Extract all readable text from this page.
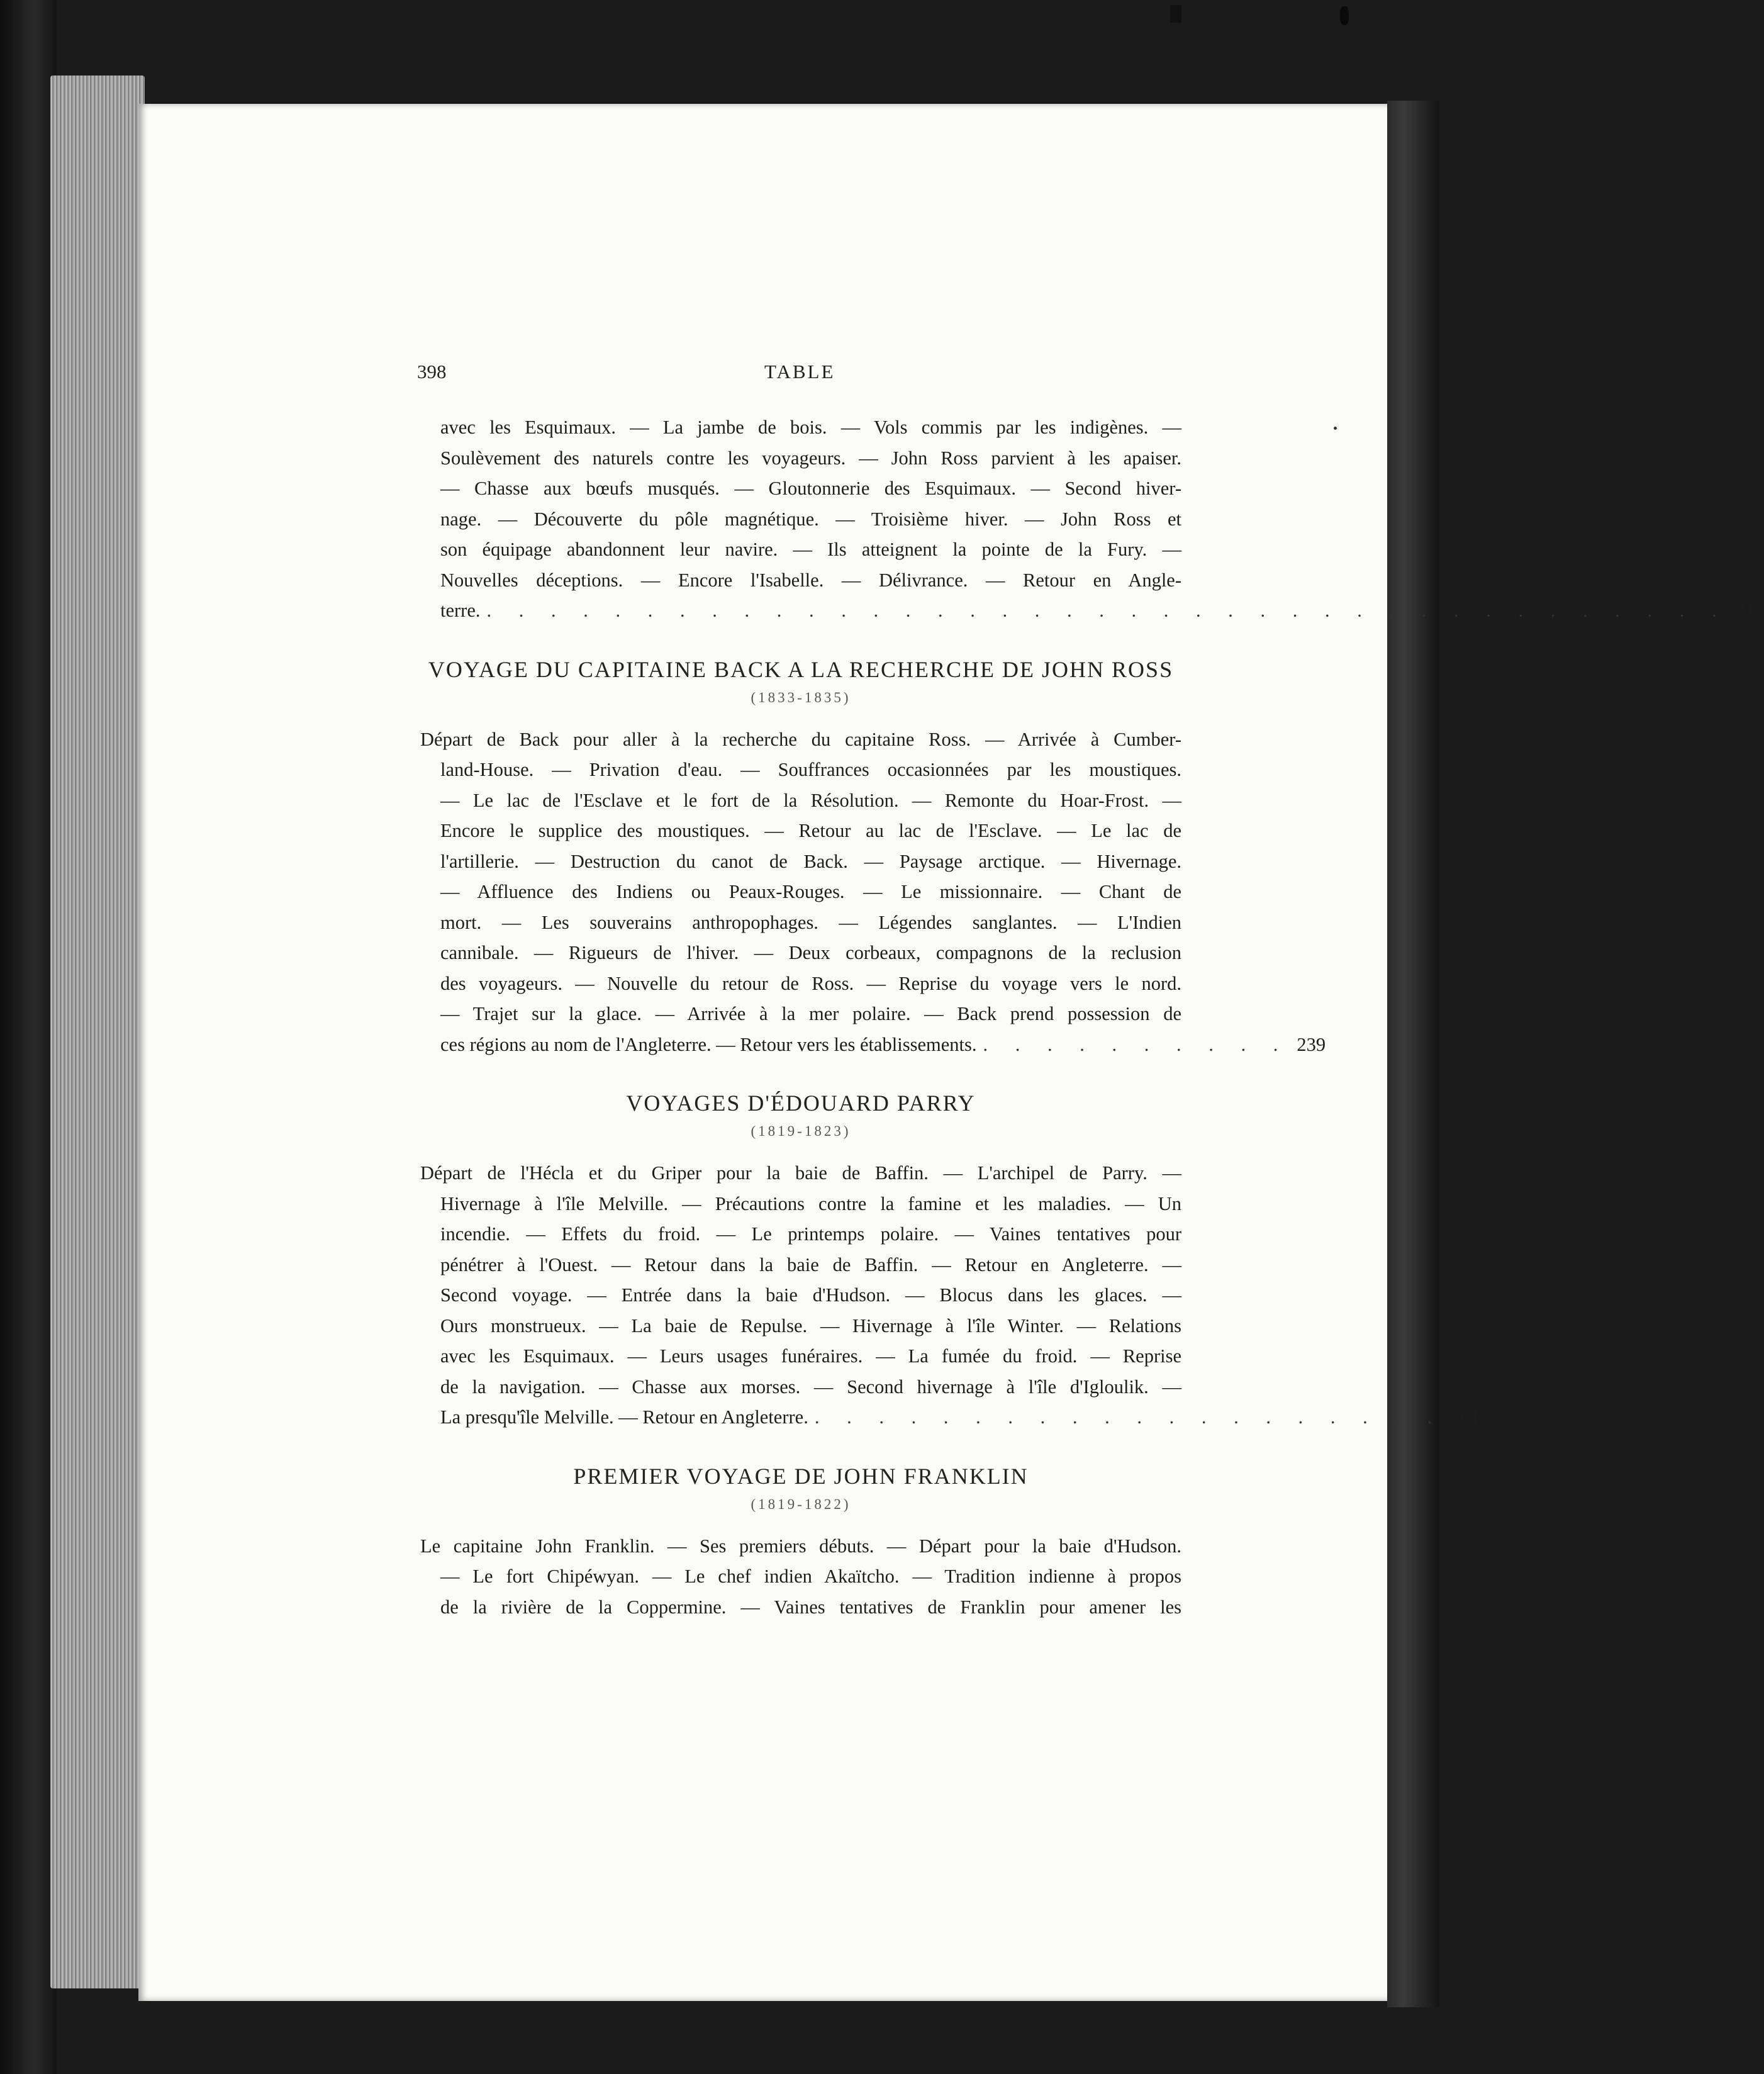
398	TABLE
avec les Esquimaux. — La jambe de bois. — Vols commis par les indigènes. —
Soulèvement des naturels contre les voyageurs. — John Ross parvient à les apaiser.
— Chasse aux bœufs musqués. — Gloutonnerie des Esquimaux. — Second hiver-
nage. — Découverte du pôle magnétique. — Troisième hiver. — John Ross et
son équipage abandonnent leur navire. — Ils atteignent la pointe de la Fury. —
Nouvelles déceptions. — Encore l'Isabelle. — Délivrance. — Retour en Angle-
terre. . . . . . . . . . . . . . . . . . . . . . . . . . . . . . . . . . . . . . . . 213
VOYAGE DU CAPITAINE BACK A LA RECHERCHE DE JOHN ROSS
(1833-1835)
Départ de Back pour aller à la recherche du capitaine Ross. — Arrivée à Cumber-
land-House. — Privation d'eau. — Souffrances occasionnées par les moustiques.
— Le lac de l'Esclave et le fort de la Résolution. — Remonte du Hoar-Frost. —
Encore le supplice des moustiques. — Retour au lac de l'Esclave. — Le lac de
l'artillerie. — Destruction du canot de Back. — Paysage arctique. — Hivernage.
— Affluence des Indiens ou Peaux-Rouges. — Le missionnaire. — Chant de
mort. — Les souverains anthropophages. — Légendes sanglantes. — L'Indien
cannibale. — Rigueurs de l'hiver. — Deux corbeaux, compagnons de la reclusion
des voyageurs. — Nouvelle du retour de Ross. — Reprise du voyage vers le nord.
— Trajet sur la glace. — Arrivée à la mer polaire. — Back prend possession de
ces régions au nom de l'Angleterre. — Retour vers les établissements. . . . . . . . . . . 239
VOYAGES D'ÉDOUARD PARRY
(1819-1823)
Départ de l'Hécla et du Griper pour la baie de Baffin. — L'archipel de Parry. —
Hivernage à l'île Melville. — Précautions contre la famine et les maladies. — Un
incendie. — Effets du froid. — Le printemps polaire. — Vaines tentatives pour
pénétrer à l'Ouest. — Retour dans la baie de Baffin. — Retour en Angleterre. —
Second voyage. — Entrée dans la baie d'Hudson. — Blocus dans les glaces. —
Ours monstrueux. — La baie de Repulse. — Hivernage à l'île Winter. — Relations
avec les Esquimaux. — Leurs usages funéraires. — La fumée du froid. — Reprise
de la navigation. — Chasse aux morses. — Second hivernage à l'île d'Igloulik. —
La presqu'île Melville. — Retour en Angleterre. . . . . . . . . . . . . . . . . . . . . 261
PREMIER VOYAGE DE JOHN FRANKLIN
(1819-1822)
Le capitaine John Franklin. — Ses premiers débuts. — Départ pour la baie d'Hudson.
— Le fort Chipéwyan. — Le chef indien Akaïtcho. — Tradition indienne à propos
de la rivière de la Coppermine. — Vaines tentatives de Franklin pour amener les
